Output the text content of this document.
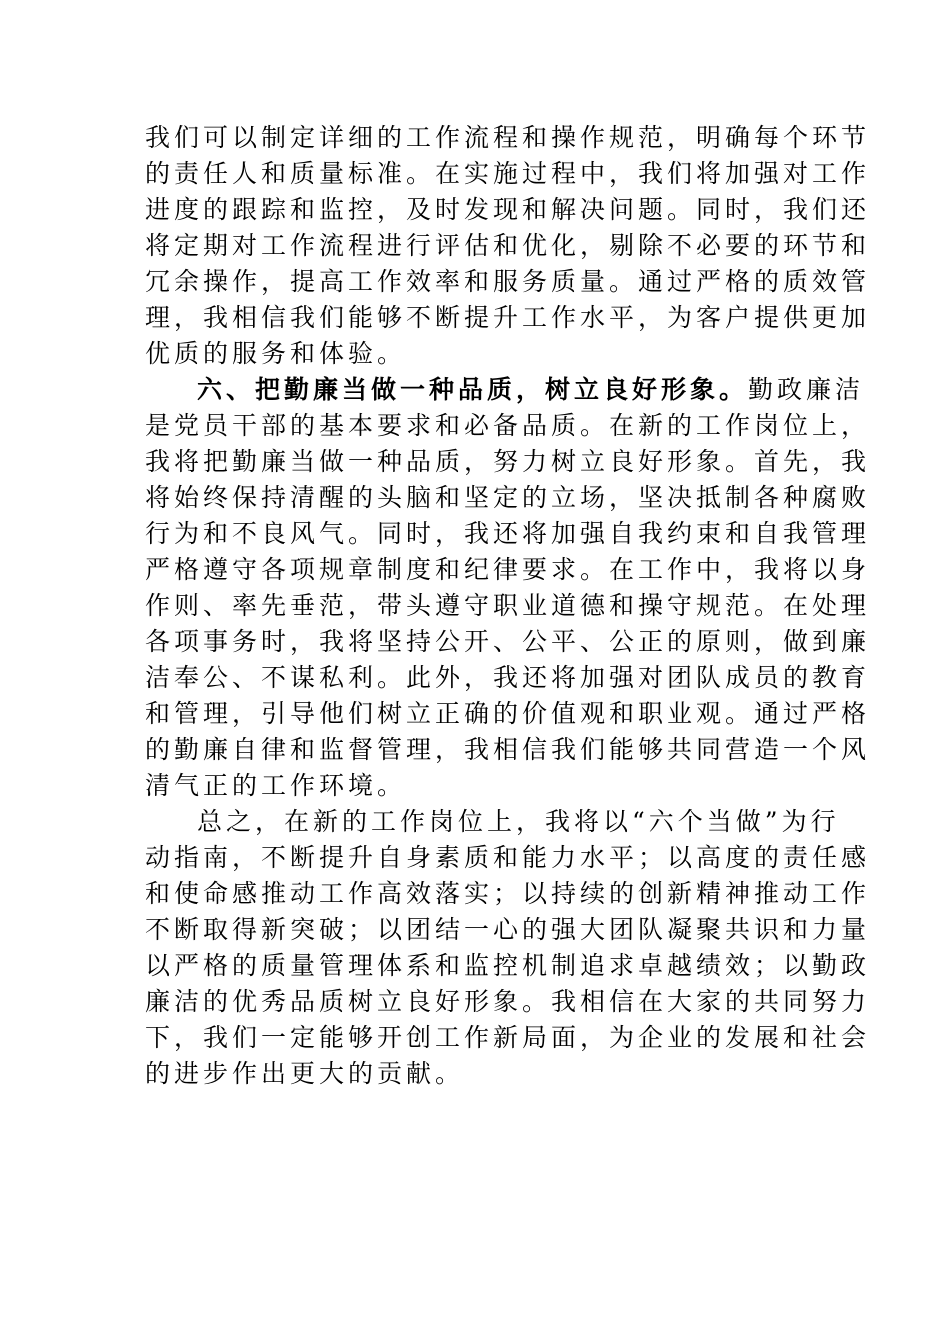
我们可以制定详细的工作流程和操作规范，明确每个环节
的责任人和质量标准。在实施过程中，我们将加强对工作
进度的跟踪和监控，及时发现和解决问题。同时，我们还
将定期对工作流程进行评估和优化，剔除不必要的环节和
冗余操作，提高工作效率和服务质量。通过严格的质效管
理，我相信我们能够不断提升工作水平，为客户提供更加
优质的服务和体验。
六、把勤廉当做一种品质，树立良好形象。勤政廉洁
是党员干部的基本要求和必备品质。在新的工作岗位上，
我将把勤廉当做一种品质，努力树立良好形象。首先，我
将始终保持清醒的头脑和坚定的立场，坚决抵制各种腐败
行为和不良风气。同时，我还将加强自我约束和自我管理
严格遵守各项规章制度和纪律要求。在工作中，我将以身
作则、率先垂范，带头遵守职业道德和操守规范。在处理
各项事务时，我将坚持公开、公平、公正的原则，做到廉
洁奉公、不谋私利。此外，我还将加强对团队成员的教育
和管理，引导他们树立正确的价值观和职业观。通过严格
的勤廉自律和监督管理，我相信我们能够共同营造一个风
清气正的工作环境。
总之，在新的工作岗位上，我将以“六个当做”为行
动指南，不断提升自身素质和能力水平；以高度的责任感
和使命感推动工作高效落实；以持续的创新精神推动工作
不断取得新突破；以团结一心的强大团队凝聚共识和力量
以严格的质量管理体系和监控机制追求卓越绩效；以勤政
廉洁的优秀品质树立良好形象。我相信在大家的共同努力
下，我们一定能够开创工作新局面，为企业的发展和社会
的进步作出更大的贡献。
